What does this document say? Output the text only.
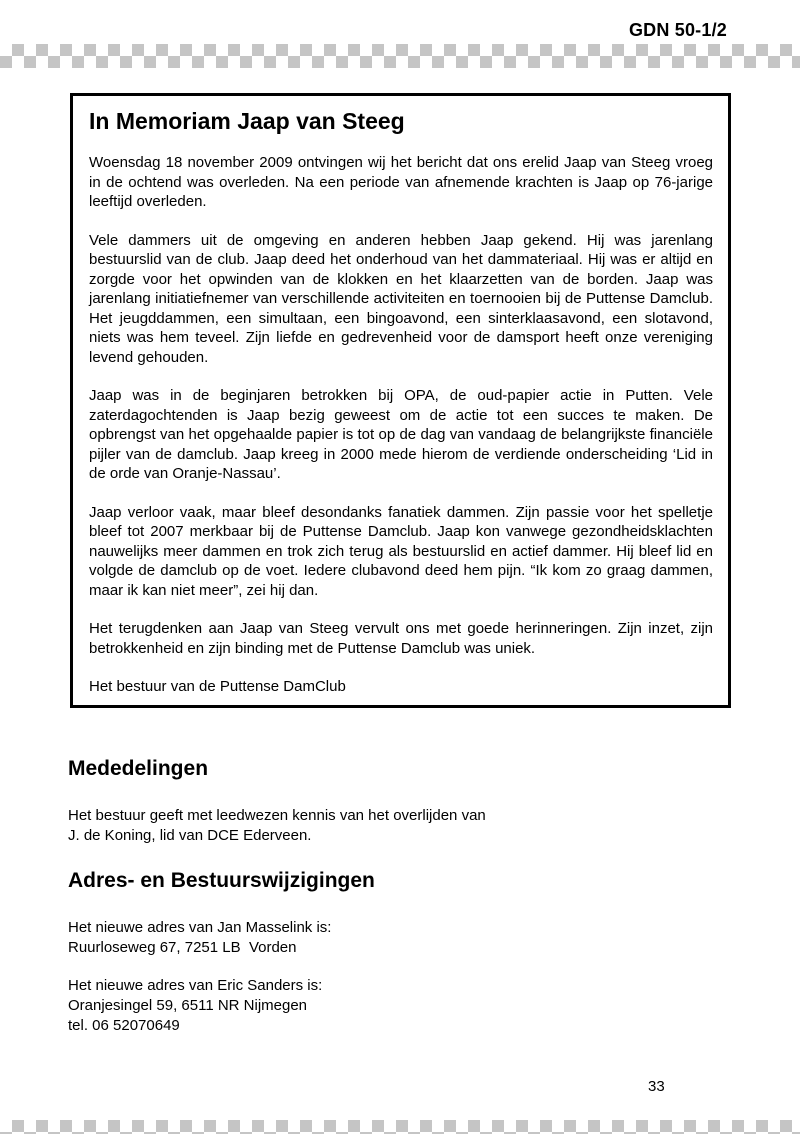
GDN 50-1/2
In Memoriam Jaap van Steeg

Woensdag 18 november 2009 ontvingen wij het bericht dat ons erelid Jaap van Steeg vroeg in de ochtend was overleden. Na een periode van afnemende krachten is Jaap op 76-jarige leeftijd overleden.

Vele dammers uit de omgeving en anderen hebben Jaap gekend. Hij was jarenlang bestuurslid van de club. Jaap deed het onderhoud van het dammateriaal. Hij was er altijd en zorgde voor het opwinden van de klokken en het klaarzetten van de borden. Jaap was jarenlang initiatiefnemer van verschillende activiteiten en toernooien bij de Puttense Damclub. Het jeugddammen, een simultaan, een bingoavond, een sinterklaasavond, een slotavond, niets was hem teveel. Zijn liefde en gedrevenheid voor de damsport heeft onze vereniging levend gehouden.

Jaap was in de beginjaren betrokken bij OPA, de oud-papier actie in Putten. Vele zaterdagochtenden is Jaap bezig geweest om de actie tot een succes te maken. De opbrengst van het opgehaalde papier is tot op de dag van vandaag de belangrijkste financiële pijler van de damclub. Jaap kreeg in 2000 mede hierom de verdiende onderscheiding ‘Lid in de orde van Oranje-Nassau’.

Jaap verloor vaak, maar bleef desondanks fanatiek dammen. Zijn passie voor het spelletje bleef tot 2007 merkbaar bij de Puttense Damclub. Jaap kon vanwege gezondheidsklachten nauwelijks meer dammen en trok zich terug als bestuurslid en actief dammer. Hij bleef lid en volgde de damclub op de voet. Iedere clubavond deed hem pijn. “Ik kom zo graag dammen, maar ik kan niet meer”, zei hij dan.

Het terugdenken aan Jaap van Steeg vervult ons met goede herinneringen. Zijn inzet, zijn betrokkenheid en zijn binding met de Puttense Damclub was uniek.

Het bestuur van de Puttense DamClub

Mededelingen
Het bestuur geeft met leedwezen kennis van het overlijden van
J. de Koning, lid van DCE Ederveen.
Adres- en Bestuurswijzigingen
Het nieuwe adres van Jan Masselink is:
Ruurloseweg 67, 7251 LB  Vorden
Het nieuwe adres van Eric Sanders is:
Oranjesingel 59, 6511 NR Nijmegen
tel. 06 52070649
33
